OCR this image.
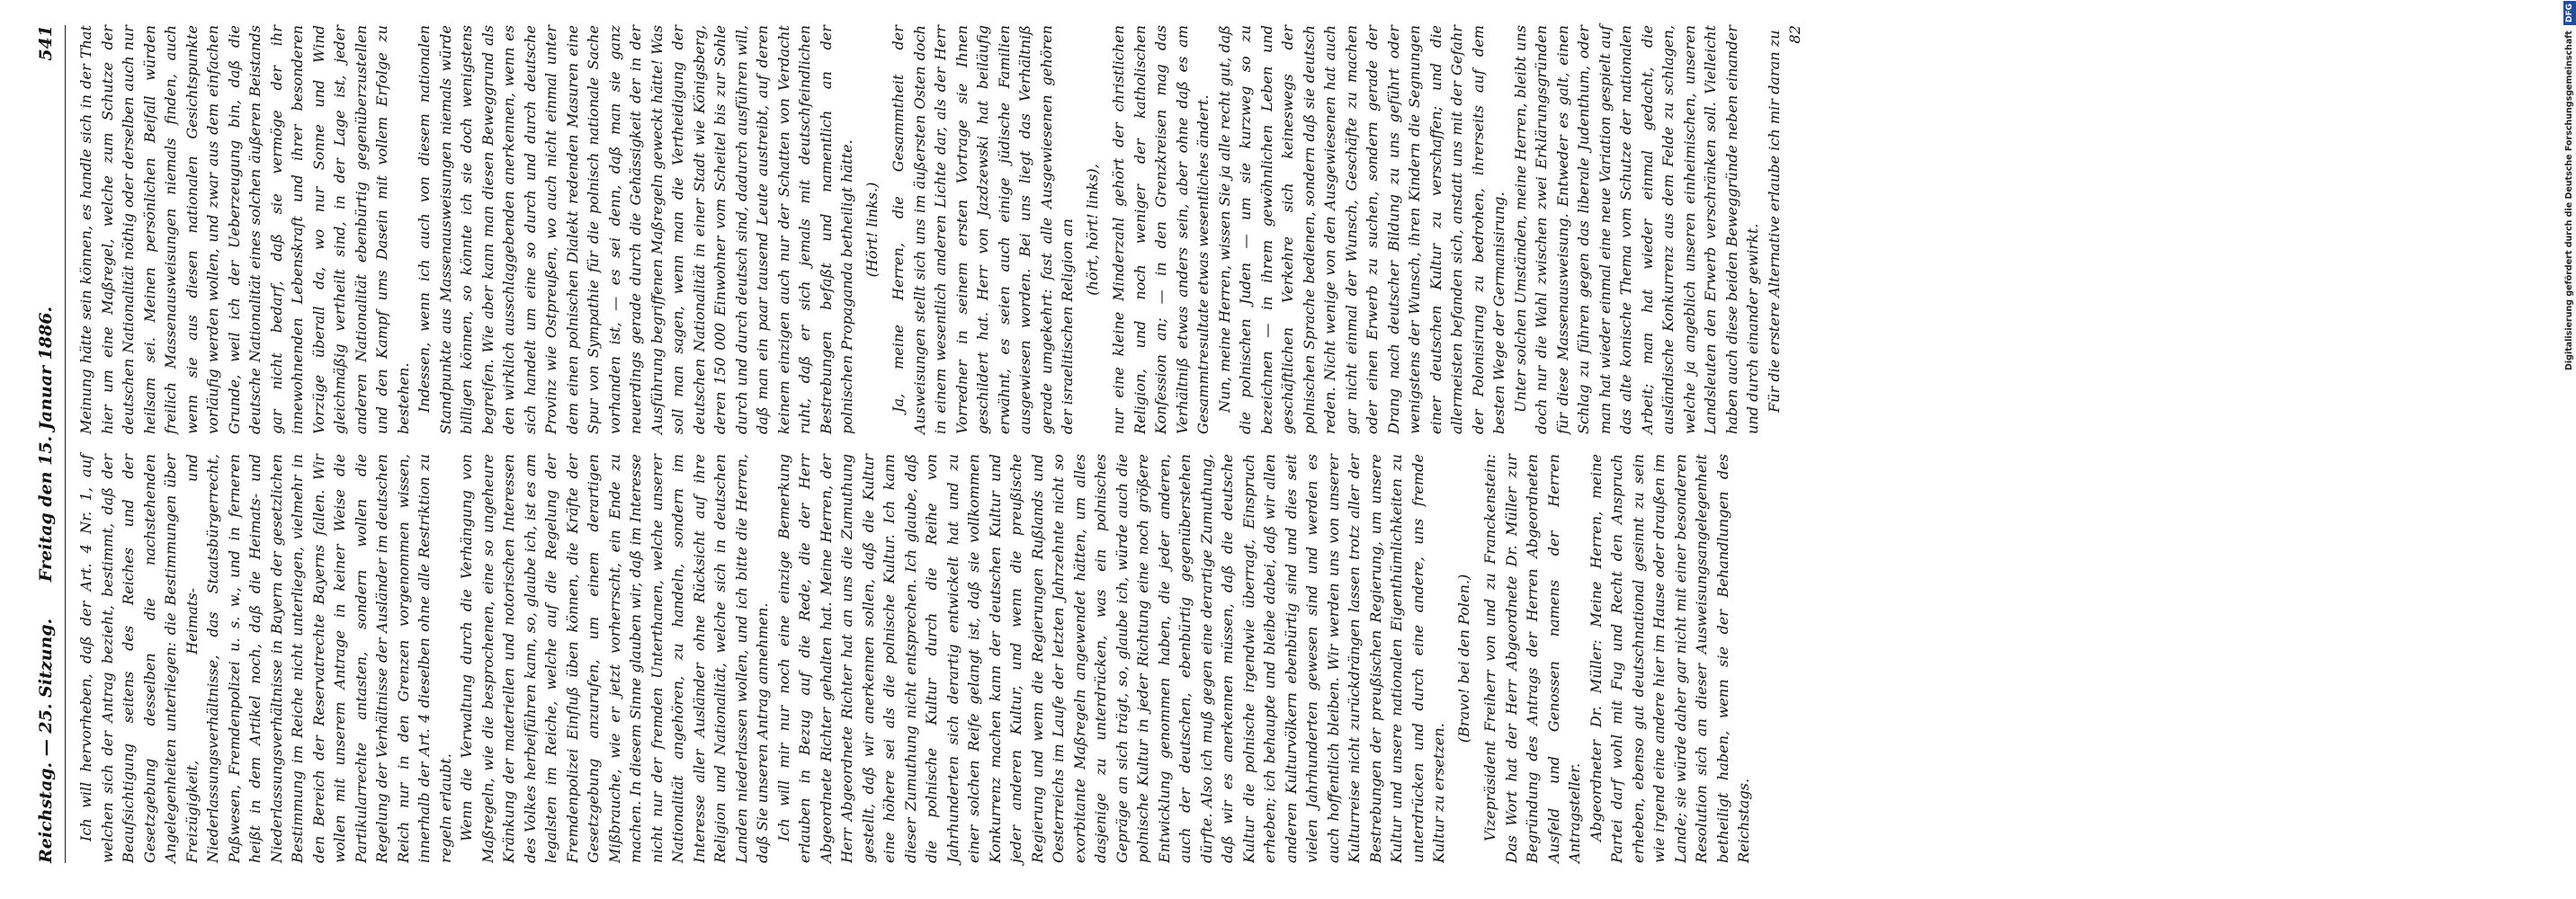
Reichstag. — 25. Sitzung.
Freitag den 15. Januar 1886.
541

Ich will hervorheben, daß der Art. 4 Nr. 1, auf welchen sich der Antrag bezieht, bestimmt, daß der Beaufsichtigung seitens des Reiches und der Gesetzgebung desselben die nachstehenden Angelegenheiten unterliegen: die Bestimmungen über Freizügigkeit, Heimats- und Niederlassungsverhältnisse, das Staatsbürgerrecht, Paßwesen, Fremdenpolizei u. s. w., und in ferneren heißt in dem Artikel noch, daß die Heimats- und Niederlassungsverhältnisse in Bayern der gesetzlichen Bestimmung im Reiche nicht unterliegen, vielmehr in den Bereich der Reservatrechte Bayerns fallen. Wir wollen mit unserem Antrage in keiner Weise die Partikularrechte antasten, sondern wollen die Regelung der Verhältnisse der Ausländer im deutschen Reich nur in den Grenzen vorgenommen wissen, innerhalb der Art. 4 dieselben ohne alle Restriktion zu regeln erlaubt. Wenn die Verwaltung durch die Verhängung von Maßregeln, wie die besprochenen, eine so ungeheure Kränkung der materiellen und notorischen Interessen des Volkes herbeiführen kann, so, glaube ich, ist es am legalsten im Reiche, welche auf die Regelung der Fremdenpolizei Einfluß üben können, die Kräfte der Gesetzgebung anzurufen, um einem derartigen Mißbrauche, wie er jetzt vorherrscht, ein Ende zu machen. In diesem Sinne glauben wir, daß im Interesse nicht nur der fremden Unterthanen, welche unserer Nationalität angehören, zu handeln, sondern im Interesse aller Ausländer ohne Rücksicht auf ihre Religion und Nationalität, welche sich in deutschen Landen niederlassen wollen, und ich bitte die Herren, daß Sie unseren Antrag annehmen. Ich will mir nur noch eine einzige Bemerkung erlauben in Bezug auf die Rede, die der Herr Abgeordnete Richter gehalten hat. Meine Herren, der Herr Abgeordnete Richter hat an uns die Zumuthung gestellt, daß wir anerkennen sollen, daß die Kultur eine höhere sei als die polnische Kultur. Ich kann dieser Zumuthung nicht entsprechen. Ich glaube, daß die polnische Kultur durch die Reihe von Jahrhunderten sich derartig entwickelt hat und zu einer solchen Reife gelangt ist, daß sie vollkommen Konkurrenz machen kann der deutschen Kultur und jeder anderen Kultur, und wenn die preußische Regierung und wenn die Regierungen Rußlands und Oesterreichs im Laufe der letzten Jahrzehnte nicht so exorbitante Maßregeln angewendet hätten, um alles dasjenige zu unterdrücken, was ein polnisches Gepräge an sich trägt, so, glaube ich, würde auch die polnische Kultur in jeder Richtung eine noch größere Entwicklung genommen haben, die jeder anderen, auch der deutschen, ebenbürtig gegenüberstehen dürfte. Also ich muß gegen eine derartige Zumuthung, daß wir es anerkennen müssen, daß die deutsche Kultur die polnische irgendwie überragt, Einspruch erheben; ich behaupte und bleibe dabei, daß wir allen anderen Kulturvölkern ebenbürtig sind und dies seit vielen Jahrhunderten gewesen sind und werden es auch hoffentlich bleiben. Wir werden uns von unserer Kulturreise nicht zurückdrängen lassen trotz aller der Bestrebungen der preußischen Regierung, um unsere Kultur und unsere nationalen Eigenthümlichkeiten zu unterdrücken und durch eine andere, uns fremde Kultur zu ersetzen.

(Bravo! bei den Polen.) Vizepräsident Freiherr von und zu Franckenstein: Das Wort hat der Herr Abgeordnete Dr. Müller zur Begründung des Antrags der Herren Abgeordneten Ausfeld und Genossen namens der Herren Antragsteller. Abgeordneter Dr. Müller: Meine Herren, meine Partei darf wohl mit Fug und Recht den Anspruch erheben, ebenso gut deutschnational gesinnt zu sein wie irgend eine andere hier im Hause oder draußen im Lande; sie würde daher gar nicht mit einer besonderen Resolution sich an dieser Ausweisungsangelegenheit betheiligt haben, wenn sie der Behandlungen des Reichstags.

Meinung hätte sein können, es handle sich in der That hier um eine Maßregel, welche zum Schutze der deutschen Nationalität nöthig oder derselben auch nur heilsam sei. Meinen persönlichen Beifall würden freilich Massenausweisungen niemals finden, auch wenn sie aus diesen nationalen Gesichtspunkte vorläufig werden wollen, und zwar aus dem einfachen Grunde, weil ich der Ueberzeugung bin, daß die deutsche Nationalität eines solchen äußeren Beistands gar nicht bedarf, daß sie vermöge der ihr innewohnenden Lebenskraft und ihrer besonderen Vorzüge überall da, wo nur Sonne und Wind gleichmäßig vertheilt sind, in der Lage ist, jeder anderen Nationalität ebenbürtig gegenüberzustellen und den Kampf ums Dasein mit vollem Erfolge zu bestehen. Indessen, wenn ich auch von diesem nationalen Standpunkte aus Massenausweisungen niemals würde billigen können, so könnte ich sie doch wenigstens begreifen. Wie aber kann man diesen Beweggrund als den wirklich ausschlaggebenden anerkennen, wenn es sich handelt um eine so durch und durch deutsche Provinz wie Ostpreußen, wo auch nicht einmal unter dem einen polnischen Dialekt redenden Masuren eine Spur von Sympathie für die polnisch nationale Sache vorhanden ist, — es sei denn, daß man sie ganz neuerdings gerade durch die Gehässigkeit der in der Ausführung begriffenen Maßregeln geweckt hätte! Was soll man sagen, wenn man die Vertheidigung der deutschen Nationalität in einer Stadt wie Königsberg, deren 150 000 Einwohner vom Scheitel bis zur Sohle durch und durch deutsch sind, dadurch ausführen will, daß man ein paar tausend Leute austreibt, auf deren keinem einzigen auch nur der Schatten von Verdacht ruht, daß er sich jemals mit deutschfeindlichen Bestrebungen befaßt und namentlich an der polnischen Propaganda betheiligt hätte. (Hört! links.) Ja, meine Herren, die Gesammtheit der Ausweisungen stellt sich uns im äußersten Osten doch in einem wesentlich anderen Lichte dar, als der Herr Vorredner in seinem ersten Vortrage sie Ihnen geschildert hat. Herr von Jazdzewski hat beiläufig erwähnt, es seien auch einige jüdische Familien ausgewiesen worden. Bei uns liegt das Verhältniß gerade umgekehrt: fast alle Ausgewiesenen gehören der israelitischen Religion an (hört, hört! links), nur eine kleine Minderzahl gehört der christlichen Religion, und noch weniger der katholischen Konfession an; — in den Grenzkreisen mag das Verhältniß etwas anders sein, aber ohne daß es am Gesammtresultate etwas wesentliches ändert. Nun, meine Herren, wissen Sie ja alle recht gut, daß die polnischen Juden — um sie kurzweg so zu bezeichnen — in ihrem gewöhnlichen Leben und geschäftlichen Verkehre sich keineswegs der polnischen Sprache bedienen, sondern daß sie deutsch reden. Nicht wenige von den Ausgewiesenen hat auch gar nicht einmal der Wunsch, Geschäfte zu machen oder einen Erwerb zu suchen, sondern gerade der Drang nach deutscher Bildung zu uns geführt oder wenigstens der Wunsch, ihren Kindern die Segnungen einer deutschen Kultur zu verschaffen; und die allermeisten befanden sich, anstatt uns mit der Gefahr der Polonisirung zu bedrohen, ihrerseits auf dem besten Wege der Germanisirung. Unter solchen Umständen, meine Herren, bleibt uns doch nur die Wahl zwischen zwei Erklärungsgründen für diese Massenausweisung. Entweder es galt, einen Schlag zu führen gegen das liberale Judenthum, oder man hat wieder einmal eine neue Variation gespielt auf das alte konische Thema vom Schutze der nationalen Arbeit; man hat wieder einmal gedacht, die ausländische Konkurrenz aus dem Felde zu schlagen, welche ja angeblich unseren einheimischen, unseren Landsleuten den Erwerb verschränken soll. Vielleicht haben auch diese beiden Beweggründe neben einander und durch einander gewirkt. Für die erstere Alternative erlaube ich mir daran zu 82	Digitalisierung gefördert durch die Deutsche ForschungsgemeinschaftDFG
